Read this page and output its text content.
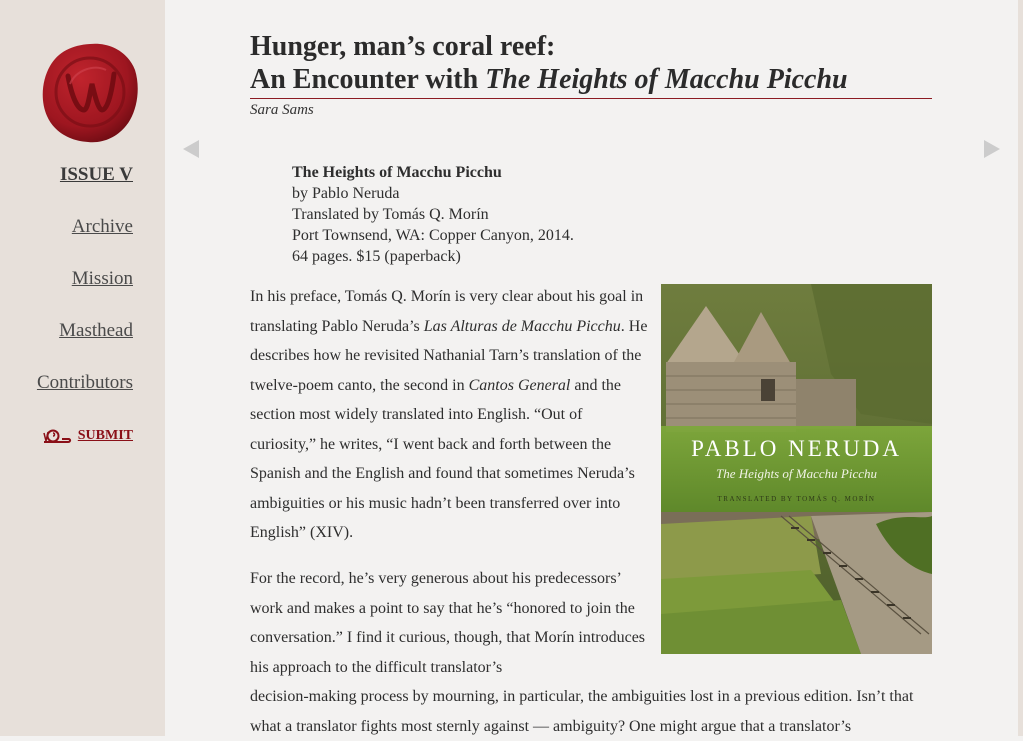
ISSUE V
Archive
Mission
Masthead
Contributors
SUBMIT
Hunger, man’s coral reef:
An Encounter with The Heights of Macchu Picchu
Sara Sams
The Heights of Macchu Picchu
by Pablo Neruda
Translated by Tomás Q. Morín
Port Townsend, WA: Copper Canyon, 2014.
64 pages. $15 (paperback)
PABLO NERUDA
The Heights of Macchu Picchu
TRANSLATED BY TOMÁS Q. MORÍN

In his preface, Tomás Q. Morín is very clear about his goal in translating Pablo Neruda’s Las Alturas de Macchu Picchu. He describes how he revisited Nathanial Tarn’s translation of the twelve-poem canto, the second in Cantos General and the section most widely translated into English. “Out of curiosity,” he writes, “I went back and forth between the Spanish and the English and found that sometimes Neruda’s ambiguities or his music hadn’t been transferred over into English” (XIV).

For the record, he’s very generous about his predecessors’ work and makes a point to say that he’s “honored to join the conversation.” I find it curious, though, that Morín introduces his approach to the difficult translator’s

decision-making process by mourning, in particular, the ambiguities lost in a previous edition. Isn’t that what a translator fights most sternly against — ambiguity? One might argue that a translator’s
